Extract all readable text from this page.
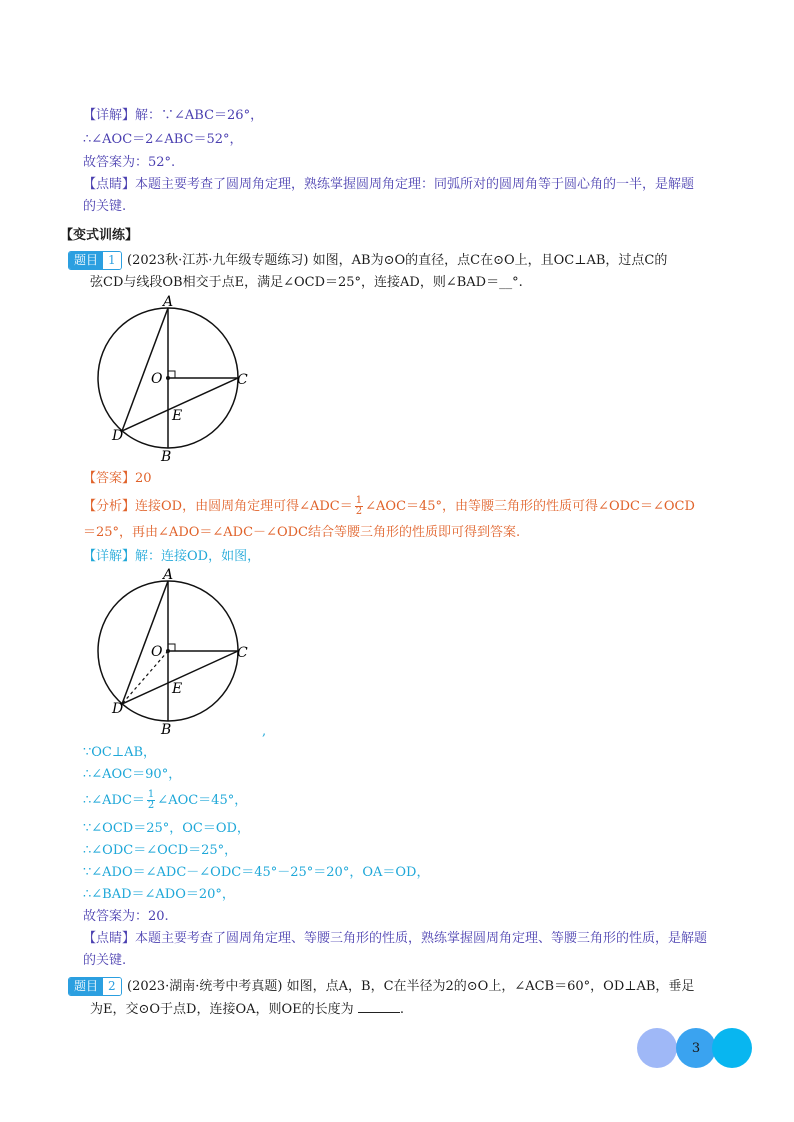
【详解】解：∵∠ABC＝26°，
∴∠AOC＝2∠ABC＝52°，
故答案为：52°.
【点睛】本题主要考查了圆周角定理，熟练掌握圆周角定理：同弧所对的圆周角等于圆心角的一半，是解题
的关键.
【变式训练】
题目 1 (2023秋·江苏·九年级专题练习) 如图，AB为⊙O的直径，点C在⊙O上，且OC⊥AB，过点C的
弦CD与线段OB相交于点E，满足∠OCD＝25°，连接AD，则∠BAD＝__°.
A
B
C
D
E
O
【答案】20
【分析】连接OD，由圆周角定理可得∠ADC＝ $\frac{1}{2}$ ∠AOC＝45°，由等腰三角形的性质可得∠ODC＝∠OCD
＝25°，再由∠ADO＝∠ADC－∠ODC结合等腰三角形的性质即可得到答案.
【详解】解：连接OD，如图，
A
B
C
D
E
O
,
∵OC⊥AB，
∴∠AOC＝90°，
∴∠ADC＝ $\frac{1}{2}$ ∠AOC＝45°，
∵∠OCD＝25°，OC＝OD，
∴∠ODC＝∠OCD＝25°，
∵∠ADO＝∠ADC－∠ODC＝45°－25°＝20°，OA＝OD，
∴∠BAD＝∠ADO＝20°，
故答案为：20.
【点睛】本题主要考查了圆周角定理、等腰三角形的性质，熟练掌握圆周角定理、等腰三角形的性质，是解题
的关键.
题目 2 (2023·湖南·统考中考真题) 如图，点A，B，C在半径为2的⊙O上，∠ACB＝60°，OD⊥AB，垂足
为E，交⊙O于点D，连接OA，则OE的长度为	.
3
